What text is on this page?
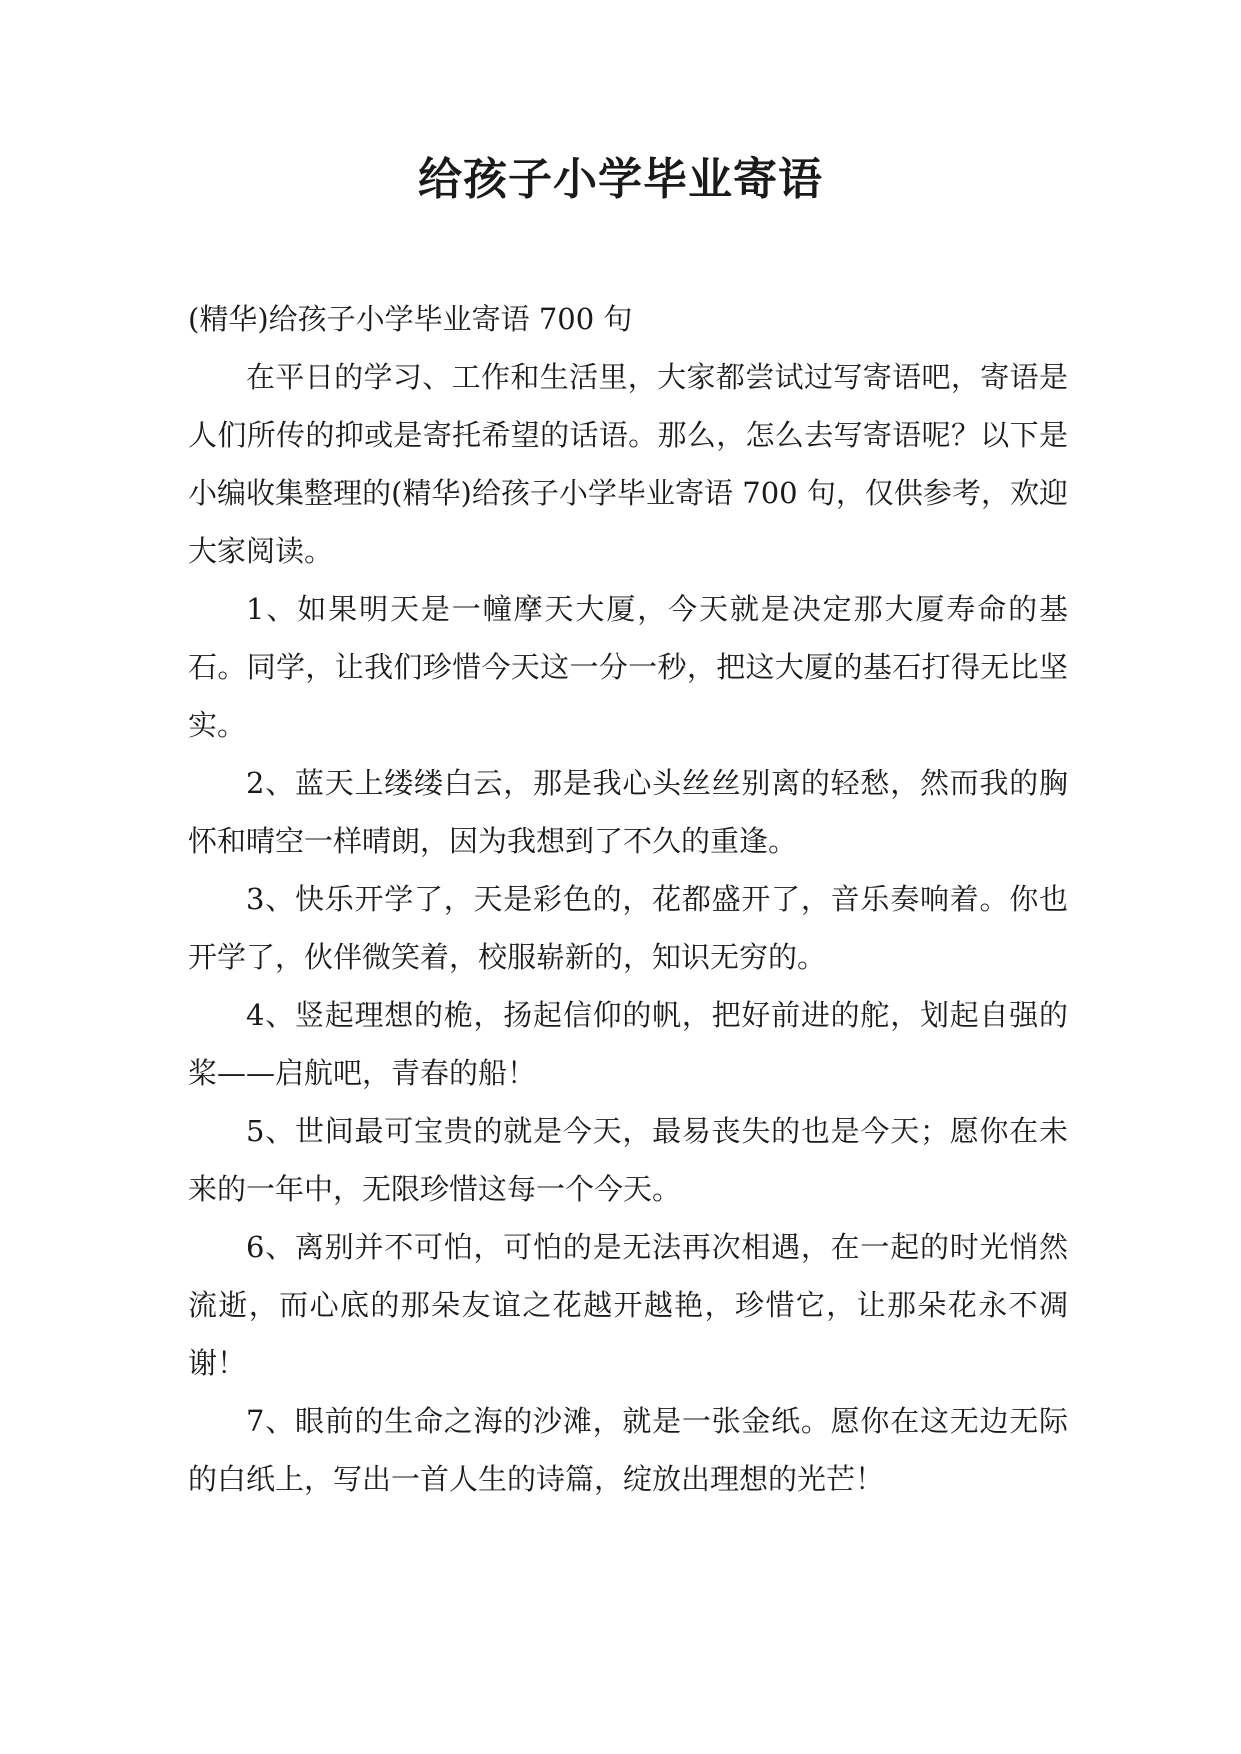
给孩子小学毕业寄语

(精华)给孩子小学毕业寄语 700 句

在平日的学习、工作和生活里，大家都尝试过写寄语吧，寄语是人们所传的抑或是寄托希望的话语。那么，怎么去写寄语呢？以下是小编收集整理的(精华)给孩子小学毕业寄语 700 句，仅供参考，欢迎大家阅读。

1、如果明天是一幢摩天大厦，今天就是决定那大厦寿命的基石。同学，让我们珍惜今天这一分一秒，把这大厦的基石打得无比坚实。

2、蓝天上缕缕白云，那是我心头丝丝别离的轻愁，然而我的胸怀和晴空一样晴朗，因为我想到了不久的重逢。

3、快乐开学了，天是彩色的，花都盛开了，音乐奏响着。你也开学了，伙伴微笑着，校服崭新的，知识无穷的。

4、竖起理想的桅，扬起信仰的帆，把好前进的舵，划起自强的桨——启航吧，青春的船！

5、世间最可宝贵的就是今天，最易丧失的也是今天；愿你在未来的一年中，无限珍惜这每一个今天。

6、离别并不可怕，可怕的是无法再次相遇，在一起的时光悄然流逝，而心底的那朵友谊之花越开越艳，珍惜它，让那朵花永不凋谢！

7、眼前的生命之海的沙滩，就是一张金纸。愿你在这无边无际的白纸上，写出一首人生的诗篇，绽放出理想的光芒！
